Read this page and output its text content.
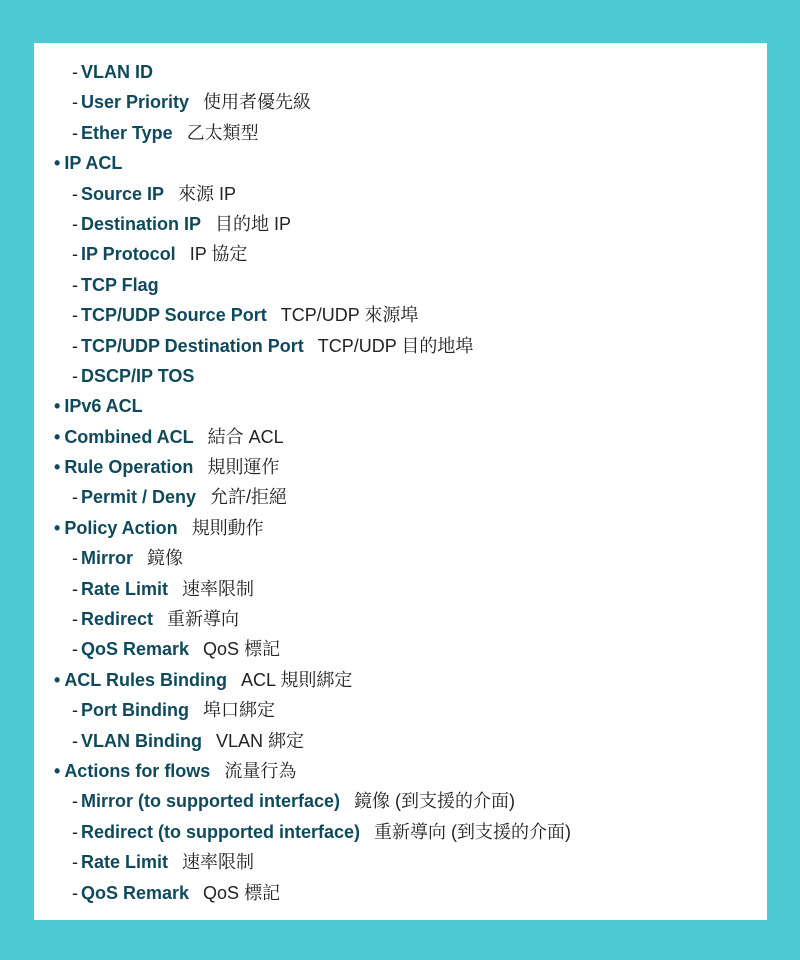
- VLAN ID
- User Priority 使用者優先級
- Ether Type 乙太類型
• IP ACL
- Source IP 來源 IP
- Destination IP 目的地 IP
- IP Protocol IP 協定
- TCP Flag
- TCP/UDP Source Port TCP/UDP 來源埠
- TCP/UDP Destination Port TCP/UDP 目的地埠
- DSCP/IP TOS
• IPv6 ACL
• Combined ACL 結合 ACL
• Rule Operation 規則運作
- Permit / Deny 允許/拒絕
• Policy Action 規則動作
- Mirror 鏡像
- Rate Limit 速率限制
- Redirect 重新導向
- QoS Remark QoS 標記
• ACL Rules Binding ACL 規則綁定
- Port Binding 埠口綁定
- VLAN Binding VLAN 綁定
• Actions for flows 流量行為
- Mirror (to supported interface) 鏡像 (到支援的介面)
- Redirect (to supported interface) 重新導向 (到支援的介面)
- Rate Limit 速率限制
- QoS Remark QoS 標記
